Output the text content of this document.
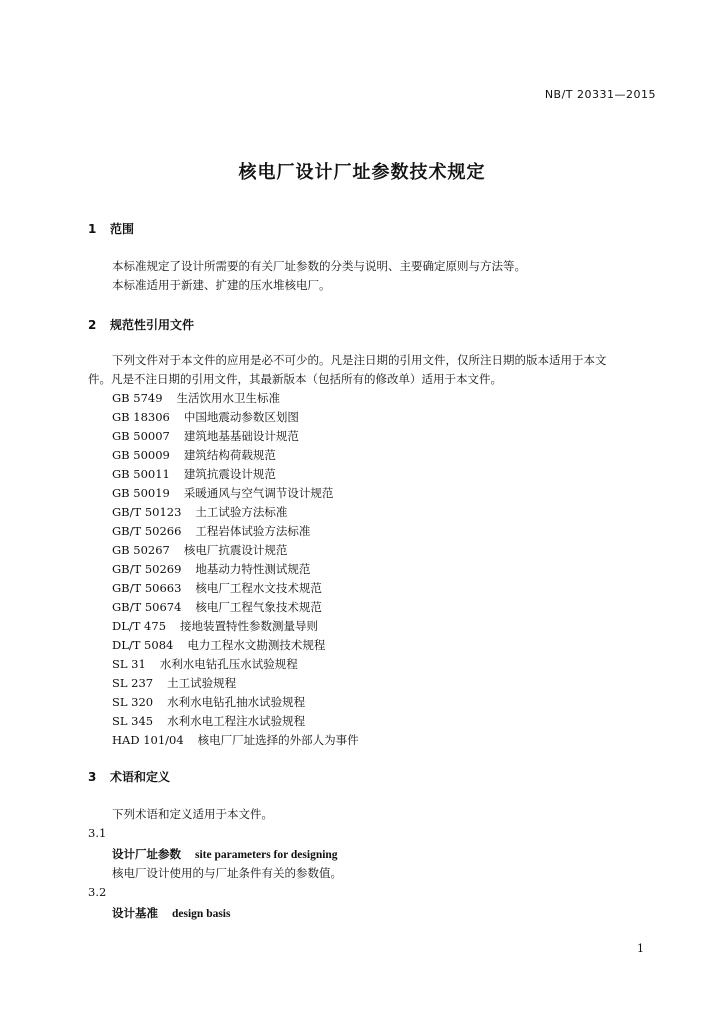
NB/T 20331—2015
核电厂设计厂址参数技术规定
1 范围
本标准规定了设计所需要的有关厂址参数的分类与说明、主要确定原则与方法等。
本标准适用于新建、扩建的压水堆核电厂。
2 规范性引用文件
下列文件对于本文件的应用是必不可少的。凡是注日期的引用文件，仅所注日期的版本适用于本文
件。凡是不注日期的引用文件，其最新版本（包括所有的修改单）适用于本文件。
GB 5749 生活饮用水卫生标准
GB 18306 中国地震动参数区划图
GB 50007 建筑地基基础设计规范
GB 50009 建筑结构荷载规范
GB 50011 建筑抗震设计规范
GB 50019 采暖通风与空气调节设计规范
GB/T 50123 土工试验方法标准
GB/T 50266 工程岩体试验方法标准
GB 50267 核电厂抗震设计规范
GB/T 50269 地基动力特性测试规范
GB/T 50663 核电厂工程水文技术规范
GB/T 50674 核电厂工程气象技术规范
DL/T 475 接地装置特性参数测量导则
DL/T 5084 电力工程水文勘测技术规程
SL 31 水利水电钻孔压水试验规程
SL 237 土工试验规程
SL 320 水利水电钻孔抽水试验规程
SL 345 水利水电工程注水试验规程
HAD 101/04 核电厂厂址选择的外部人为事件
3 术语和定义
下列术语和定义适用于本文件。
3.1
设计厂址参数 site parameters for designing
核电厂设计使用的与厂址条件有关的参数值。
3.2
设计基准 design basis
1
